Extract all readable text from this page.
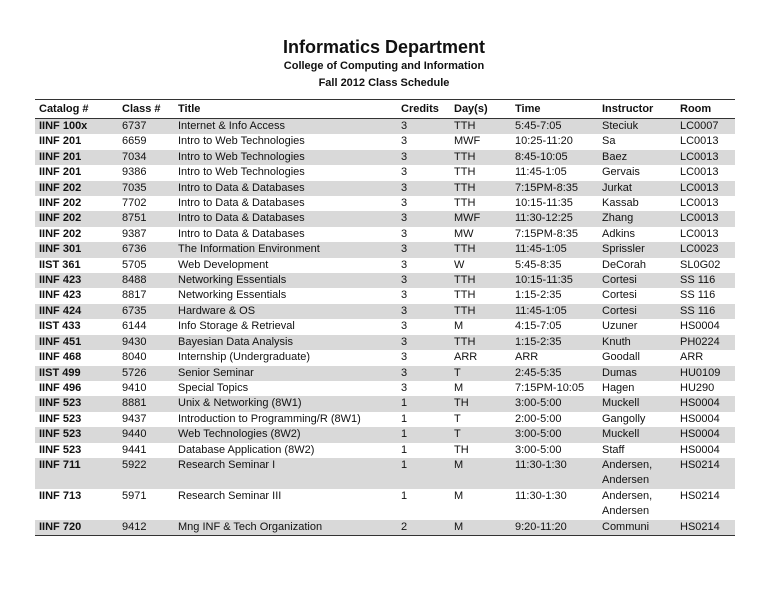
Informatics Department
College of Computing and Information
Fall 2012 Class Schedule
Catalog #	Class #	Title	Credits	Day(s)	Time	Instructor	Room
IINF 100x	6737	Internet & Info Access	3	TTH	5:45-7:05	Steciuk	LC0007
IINF 201	6659	Intro to Web Technologies	3	MWF	10:25-11:20	Sa	LC0013
IINF 201	7034	Intro to Web Technologies	3	TTH	8:45-10:05	Baez	LC0013
IINF 201	9386	Intro to Web Technologies	3	TTH	11:45-1:05	Gervais	LC0013
IINF 202	7035	Intro to Data & Databases	3	TTH	7:15PM-8:35	Jurkat	LC0013
IINF 202	7702	Intro to Data & Databases	3	TTH	10:15-11:35	Kassab	LC0013
IINF 202	8751	Intro to Data & Databases	3	MWF	11:30-12:25	Zhang	LC0013
IINF 202	9387	Intro to Data & Databases	3	MW	7:15PM-8:35	Adkins	LC0013
IINF 301	6736	The Information Environment	3	TTH	11:45-1:05	Sprissler	LC0023
IIST 361	5705	Web Development	3	W	5:45-8:35	DeCorah	SL0G02
IINF 423	8488	Networking Essentials	3	TTH	10:15-11:35	Cortesi	SS 116
IINF 423	8817	Networking Essentials	3	TTH	1:15-2:35	Cortesi	SS 116
IINF 424	6735	Hardware & OS	3	TTH	11:45-1:05	Cortesi	SS 116
IIST 433	6144	Info Storage & Retrieval	3	M	4:15-7:05	Uzuner	HS0004
IINF 451	9430	Bayesian Data Analysis	3	TTH	1:15-2:35	Knuth	PH0224
IINF 468	8040	Internship (Undergraduate)	3	ARR	ARR	Goodall	ARR
IIST 499	5726	Senior Seminar	3	T	2:45-5:35	Dumas	HU0109
IINF 496	9410	Special Topics	3	M	7:15PM-10:05	Hagen	HU290
IINF 523	8881	Unix & Networking (8W1)	1	TH	3:00-5:00	Muckell	HS0004
IINF 523	9437	Introduction to Programming/R (8W1)	1	T	2:00-5:00	Gangolly	HS0004
IINF 523	9440	Web Technologies (8W2)	1	T	3:00-5:00	Muckell	HS0004
IINF 523	9441	Database Application (8W2)	1	TH	3:00-5:00	Staff	HS0004
IINF 711	5922	Research Seminar I	1	M	11:30-1:30	Andersen, Andersen	HS0214
IINF 713	5971	Research Seminar III	1	M	11:30-1:30	Andersen, Andersen	HS0214
IINF 720	9412	Mng INF & Tech Organization	2	M	9:20-11:20	Communi	HS0214
